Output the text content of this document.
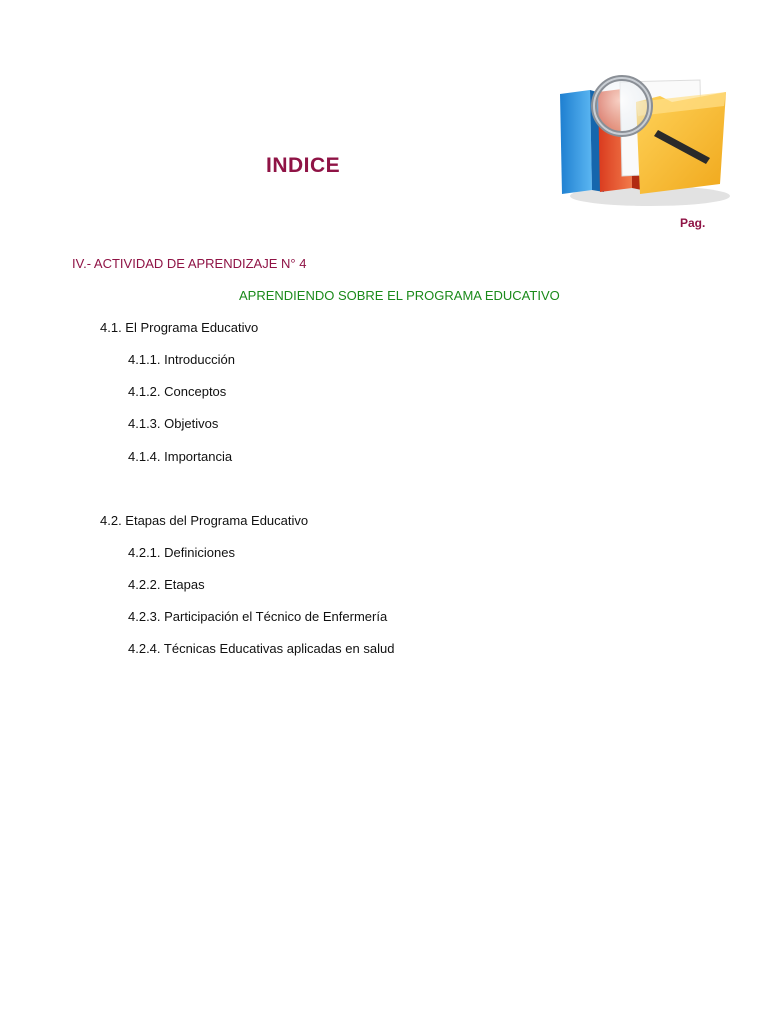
INDICE
Pag.
IV.- ACTIVIDAD DE APRENDIZAJE N° 4
APRENDIENDO SOBRE EL PROGRAMA EDUCATIVO
4.1. El Programa Educativo
4.1.1. Introducción
4.1.2. Conceptos
4.1.3. Objetivos
4.1.4. Importancia
4.2. Etapas del Programa Educativo
4.2.1. Definiciones
4.2.2. Etapas
4.2.3. Participación el Técnico de Enfermería
4.2.4. Técnicas Educativas aplicadas en salud
